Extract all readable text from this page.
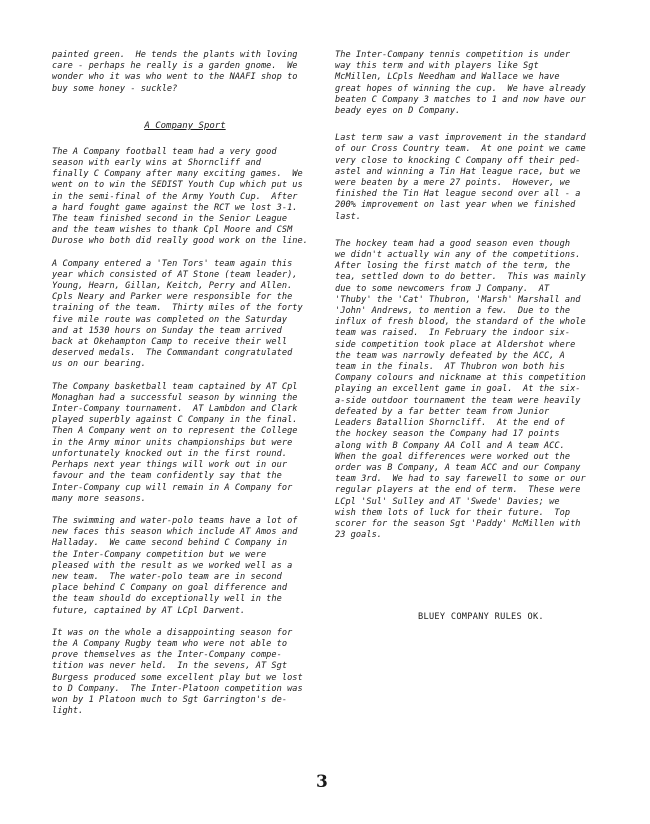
painted green.  He tends the plants with loving
care - perhaps he really is a garden gnome.  We
wonder who it was who went to the NAAFI shop to
buy some honey - suckle?
A Company Sport
The A Company football team had a very good
season with early wins at Shorncliff and
finally C Company after many exciting games.  We
went on to win the SEDIST Youth Cup which put us
in the semi-final of the Army Youth Cup.  After
a hard fought game against the RCT we lost 3-1.
The team finished second in the Senior League
and the team wishes to thank Cpl Moore and CSM
Durose who both did really good work on the line.
A Company entered a 'Ten Tors' team again this
year which consisted of AT Stone (team leader),
Young, Hearn, Gillan, Keitch, Perry and Allen.
Cpls Neary and Parker were responsible for the
training of the team.  Thirty miles of the forty
five mile route was completed on the Saturday
and at 1530 hours on Sunday the team arrived
back at Okehampton Camp to receive their well
deserved medals.  The Commandant congratulated
us on our bearing.
The Company basketball team captained by AT Cpl
Monaghan had a successful season by winning the
Inter-Company tournament.  AT Lambdon and Clark
played superbly against C Company in the final.
Then A Company went on to represent the College
in the Army minor units championships but were
unfortunately knocked out in the first round.
Perhaps next year things will work out in our
favour and the team confidently say that the
Inter-Company cup will remain in A Company for
many more seasons.
The swimming and water-polo teams have a lot of
new faces this season which include AT Amos and
Halladay.  We came second behind C Company in
the Inter-Company competition but we were
pleased with the result as we worked well as a
new team.  The water-polo team are in second
place behind C Company on goal difference and
the team should do exceptionally well in the
future, captained by AT LCpl Darwent.
It was on the whole a disappointing season for
the A Company Rugby team who were not able to
prove themselves as the Inter-Company compe-
tition was never held.  In the sevens, AT Sgt
Burgess produced some excellent play but we lost
to D Company.  The Inter-Platoon competition was
won by 1 Platoon much to Sgt Garrington's de-
light.
The Inter-Company tennis competition is under
way this term and with players like Sgt
McMillen, LCpls Needham and Wallace we have
great hopes of winning the cup.  We have already
beaten C Company 3 matches to 1 and now have our
beady eyes on D Company.
Last term saw a vast improvement in the standard
of our Cross Country team.  At one point we came
very close to knocking C Company off their ped-
astel and winning a Tin Hat league race, but we
were beaten by a mere 27 points.  However, we
finished the Tin Hat league second over all - a
200% improvement on last year when we finished
last.
The hockey team had a good season even though
we didn't actually win any of the competitions.
After losing the first match of the term, the
tea, settled down to do better.  This was mainly
due to some newcomers from J Company.  AT
'Thuby' the 'Cat' Thubron, 'Marsh' Marshall and
'John' Andrews, to mention a few.  Due to the
influx of fresh blood, the standard of the whole
team was raised.  In February the indoor six-
side competition took place at Aldershot where
the team was narrowly defeated by the ACC, A
team in the finals.  AT Thubron won both his
Company colours and nickname at this competition
playing an excellent game in goal.  At the six-
a-side outdoor tournament the team were heavily
defeated by a far better team from Junior
Leaders Batallion Shorncliff.  At the end of
the hockey season the Company had 17 points
along with B Company AA Coll and A team ACC.
When the goal differences were worked out the
order was B Company, A team ACC and our Company
team 3rd.  We had to say farewell to some or our
regular players at the end of term.  These were
LCpl 'Sul' Sulley and AT 'Swede' Davies; we
wish them lots of luck for their future.  Top
scorer for the season Sgt 'Paddy' McMillen with
23 goals.
BLUEY COMPANY RULES OK.
3
